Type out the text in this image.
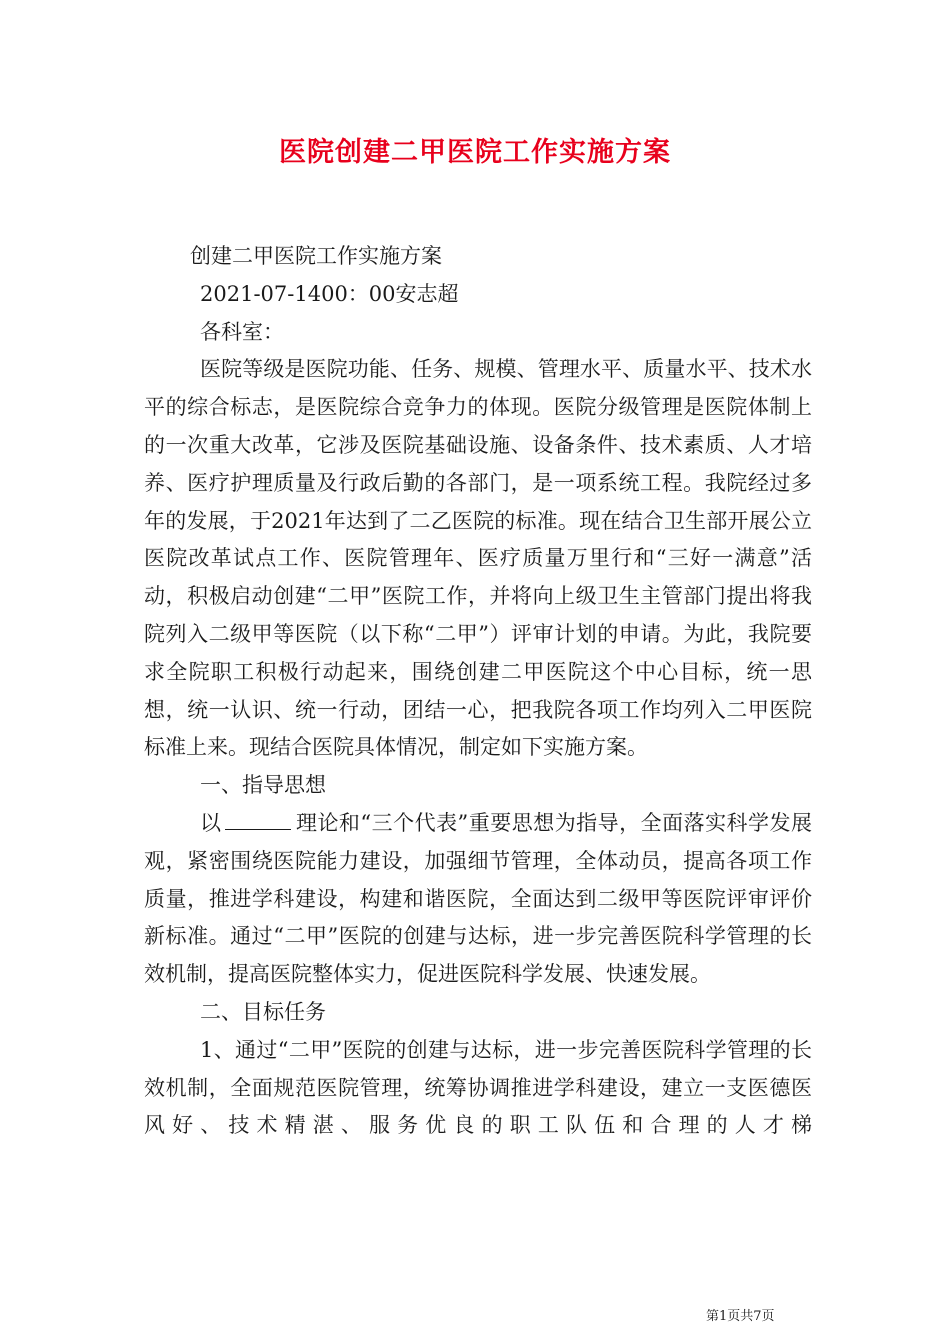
医院创建二甲医院工作实施方案

创建二甲医院工作实施方案

2021-07-1400：00安志超

各科室：

医院等级是医院功能、任务、规模、管理水平、质量水平、技术水平的综合标志，是医院综合竞争力的体现。医院分级管理是医院体制上的一次重大改革，它涉及医院基础设施、设备条件、技术素质、人才培养、医疗护理质量及行政后勤的各部门，是一项系统工程。我院经过多年的发展，于2021年达到了二乙医院的标准。现在结合卫生部开展公立医院改革试点工作、医院管理年、医疗质量万里行和“三好一满意”活动，积极启动创建“二甲”医院工作，并将向上级卫生主管部门提出将我院列入二级甲等医院（以下称“二甲”）评审计划的申请。为此，我院要求全院职工积极行动起来，围绕创建二甲医院这个中心目标，统一思想，统一认识、统一行动，团结一心，把我院各项工作均列入二甲医院标准上来。现结合医院具体情况，制定如下实施方案。

一、指导思想

以	理论和“三个代表”重要思想为指导，全面落实科学发展观，紧密围绕医院能力建设，加强细节管理，全体动员，提高各项工作质量，推进学科建设，构建和谐医院，全面达到二级甲等医院评审评价新标准。通过“二甲”医院的创建与达标，进一步完善医院科学管理的长效机制，提高医院整体实力，促进医院科学发展、快速发展。

二、目标任务

1、通过“二甲”医院的创建与达标，进一步完善医院科学管理的长效机制，全面规范医院管理，统筹协调推进学科建设，建立一支医德医风好、技术精湛、服务优良的职工队伍和合理的人才梯

第1页共7页
